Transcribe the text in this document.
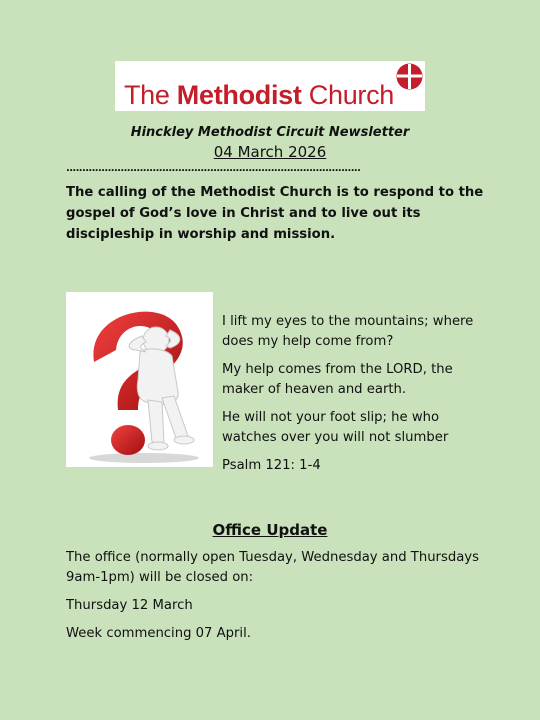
The Methodist Church
Hinckley Methodist Circuit Newsletter
04 March 2026
............................................................................................
The calling of the Methodist Church is to respond to the gospel of God’s love in Christ and to live out its discipleship in worship and mission.

I lift my eyes to the mountains; where does my help come from?

My help comes from the LORD, the maker of heaven and earth.

He will not your foot slip; he who watches over you will not slumber

Psalm 121: 1-4

Office Update

The office (normally open Tuesday, Wednesday and Thursdays 9am-1pm) will be closed on:

Thursday 12 March

Week commencing 07 April.
